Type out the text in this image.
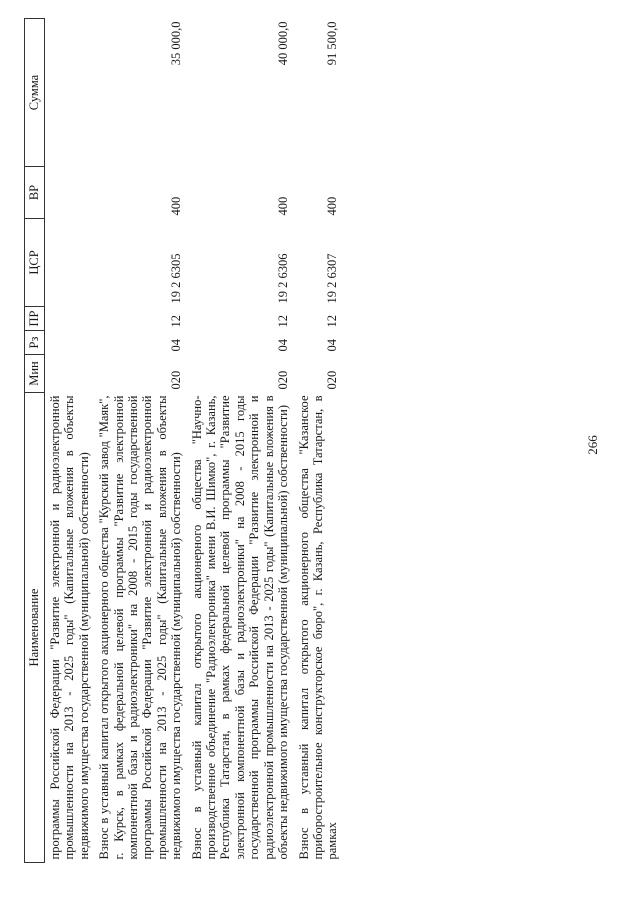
Наименование	Мин	Рз	ПР	ЦСР	ВР	Сумма
программы Российской Федерации "Развитие электронной и радиоэлектронной промышленности на 2013 - 2025 годы" (Капитальные вложения в объекты недвижимого имущества государственной (муниципальной) собственности)						
Взнос в уставный капитал открытого акционерного общества "Курский завод "Маяк", г. Курск, в рамках федеральной целевой программы "Развитие электронной компонентной базы и радиоэлектроники" на 2008 - 2015 годы государственной программы Российской Федерации "Развитие электронной и радиоэлектронной промышленности на 2013 - 2025 годы" (Капитальные вложения в объекты недвижимого имущества государственной (муниципальной) собственности)	020	04	12	19 2 6305	400	35 000,0
Взнос в уставный капитал открытого акционерного общества "Научно-производственное объединение "Радиоэлектроника" имени В.И. Шимко", г. Казань, Республика Татарстан, в рамках федеральной целевой программы "Развитие электронной компонентной базы и радиоэлектроники" на 2008 - 2015 годы государственной программы Российской Федерации "Развитие электронной и радиоэлектронной промышленности на 2013 - 2025 годы" (Капитальные вложения в объекты недвижимого имущества государственной (муниципальной) собственности)	020	04	12	19 2 6306	400	40 000,0
Взнос в уставный капитал открытого акционерного общества "Казанское приборостроительное конструкторское бюро", г. Казань, Республика Татарстан, в рамках	020	04	12	19 2 6307	400	91 500,0
266
